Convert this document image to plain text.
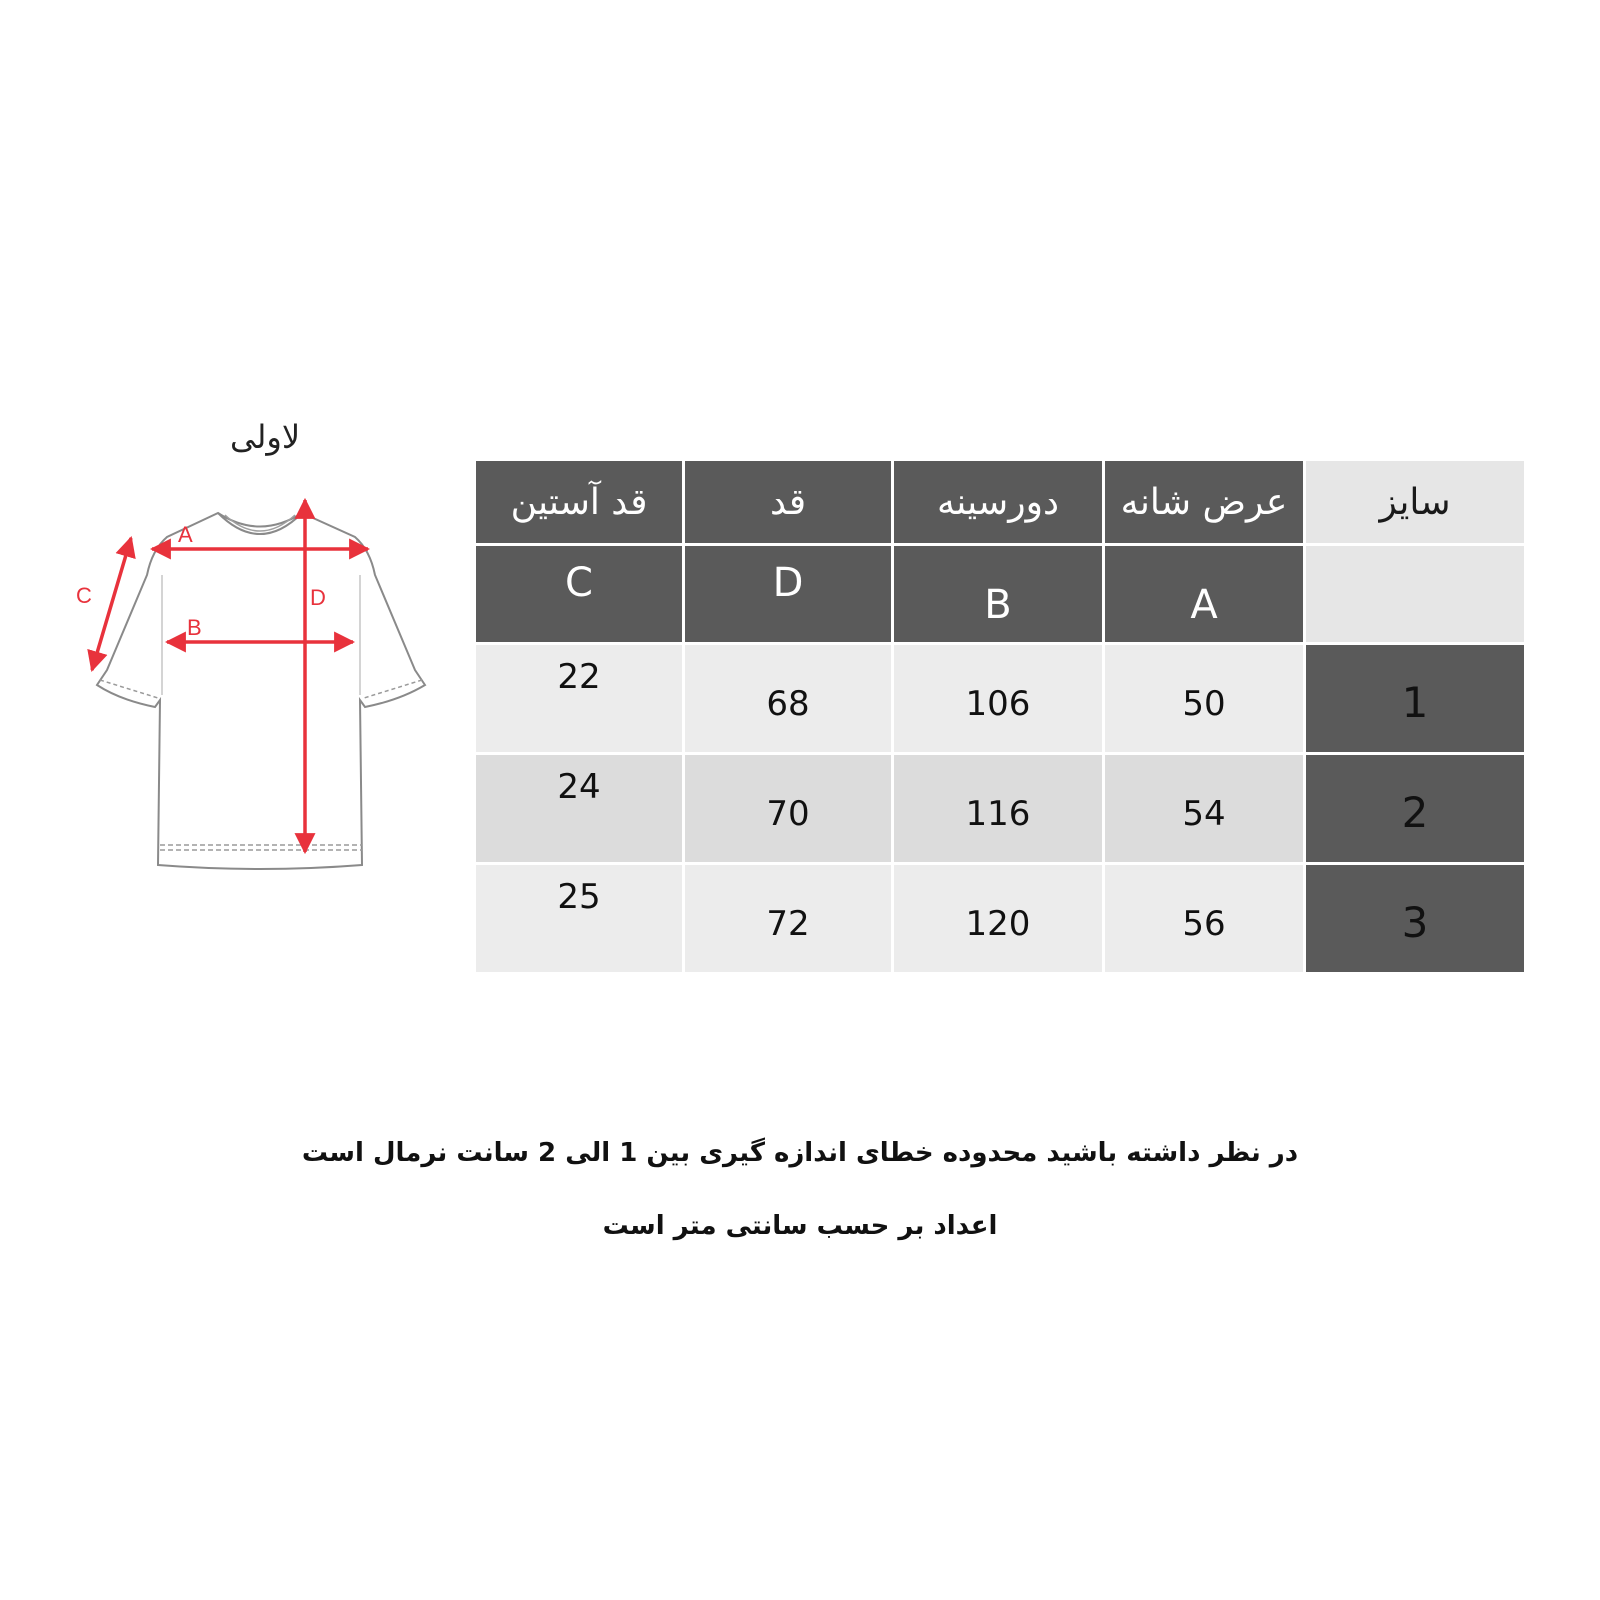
لاولی
A
B
C	D
قد آستین	قد	دورسینه	عرض شانه	سایز
C	D	B	A	
22	68	106	50	1
24	70	116	54	2
25	72	120	56	3
در نظر داشته باشید محدوده خطای اندازه گیری بین 1 الی 2 سانت نرمال است
اعداد بر حسب سانتی متر است
